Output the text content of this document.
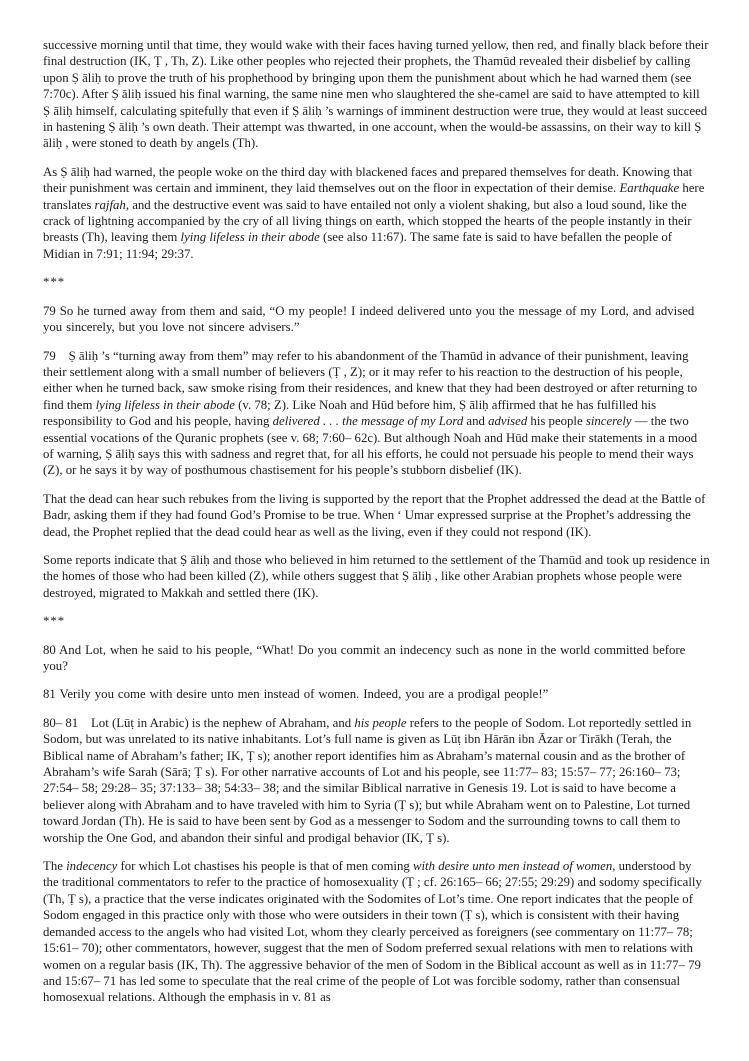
successive morning until that time, they would wake with their faces having turned yellow, then red, and finally black before their final destruction (IK, Ṭ , Th, Z). Like other peoples who rejected their prophets, the Thamūd revealed their disbelief by calling upon Ṣ āliḥ to prove the truth of his prophethood by bringing upon them the punishment about which he had warned them (see 7:70c). After Ṣ āliḥ issued his final warning, the same nine men who slaughtered the she-camel are said to have attempted to kill Ṣ āliḥ himself, calculating spitefully that even if Ṣ āliḥ ’s warnings of imminent destruction were true, they would at least succeed in hastening Ṣ āliḥ ’s own death. Their attempt was thwarted, in one account, when the would-be assassins, on their way to kill Ṣ āliḥ , were stoned to death by angels (Th).

As Ṣ āliḥ had warned, the people woke on the third day with blackened faces and prepared themselves for death. Knowing that their punishment was certain and imminent, they laid themselves out on the floor in expectation of their demise. Earthquake here translates rajfah, and the destructive event was said to have entailed not only a violent shaking, but also a loud sound, like the crack of lightning accompanied by the cry of all living things on earth, which stopped the hearts of the people instantly in their breasts (Th), leaving them lying lifeless in their abode (see also 11:67). The same fate is said to have befallen the people of Midian in 7:91; 11:94; 29:37.

***

79 So he turned away from them and said, “O my people! I indeed delivered unto you the message of my Lord, and advised you sincerely, but you love not sincere advisers.”

79    Ṣ āliḥ ’s “turning away from them” may refer to his abandonment of the Thamūd in advance of their punishment, leaving their settlement along with a small number of believers (Ṭ , Z); or it may refer to his reaction to the destruction of his people, either when he turned back, saw smoke rising from their residences, and knew that they had been destroyed or after returning to find them lying lifeless in their abode (v. 78; Z). Like Noah and Hūd before him, Ṣ āliḥ affirmed that he has fulfilled his responsibility to God and his people, having delivered . . . the message of my Lord and advised his people sincerely — the two essential vocations of the Quranic prophets (see v. 68; 7:60– 62c). But although Noah and Hūd make their statements in a mood of warning, Ṣ āliḥ says this with sadness and regret that, for all his efforts, he could not persuade his people to mend their ways (Z), or he says it by way of posthumous chastisement for his people’s stubborn disbelief (IK).

That the dead can hear such rebukes from the living is supported by the report that the Prophet addressed the dead at the Battle of Badr, asking them if they had found God’s Promise to be true. When ‘ Umar expressed surprise at the Prophet’s addressing the dead, the Prophet replied that the dead could hear as well as the living, even if they could not respond (IK).

Some reports indicate that Ṣ āliḥ and those who believed in him returned to the settlement of the Thamūd and took up residence in the homes of those who had been killed (Z), while others suggest that Ṣ āliḥ , like other Arabian prophets whose people were destroyed, migrated to Makkah and settled there (IK).

***

80 And Lot, when he said to his people, “What! Do you commit an indecency such as none in the world committed before you?

81 Verily you come with desire unto men instead of women. Indeed, you are a prodigal people!”

80– 81    Lot (Lūṭ in Arabic) is the nephew of Abraham, and his people refers to the people of Sodom. Lot reportedly settled in Sodom, but was unrelated to its native inhabitants. Lot’s full name is given as Lūṭ ibn Hārān ibn Āzar or Tirākh (Terah, the Biblical name of Abraham’s father; IK, Ṭ s); another report identifies him as Abraham’s maternal cousin and as the brother of Abraham’s wife Sarah (Sārā; Ṭ s). For other narrative accounts of Lot and his people, see 11:77– 83; 15:57– 77; 26:160– 73; 27:54– 58; 29:28– 35; 37:133– 38; 54:33– 38; and the similar Biblical narrative in Genesis 19. Lot is said to have become a believer along with Abraham and to have traveled with him to Syria (Ṭ s); but while Abraham went on to Palestine, Lot turned toward Jordan (Th). He is said to have been sent by God as a messenger to Sodom and the surrounding towns to call them to worship the One God, and abandon their sinful and prodigal behavior (IK, Ṭ s).

The indecency for which Lot chastises his people is that of men coming with desire unto men instead of women, understood by the traditional commentators to refer to the practice of homosexuality (Ṭ ; cf. 26:165– 66; 27:55; 29:29) and sodomy specifically (Th, Ṭ s), a practice that the verse indicates originated with the Sodomites of Lot’s time. One report indicates that the people of Sodom engaged in this practice only with those who were outsiders in their town (Ṭ s), which is consistent with their having demanded access to the angels who had visited Lot, whom they clearly perceived as foreigners (see commentary on 11:77– 78; 15:61– 70); other commentators, however, suggest that the men of Sodom preferred sexual relations with men to relations with women on a regular basis (IK, Th). The aggressive behavior of the men of Sodom in the Biblical account as well as in 11:77– 79 and 15:67– 71 has led some to speculate that the real crime of the people of Lot was forcible sodomy, rather than consensual homosexual relations. Although the emphasis in v. 81 as
